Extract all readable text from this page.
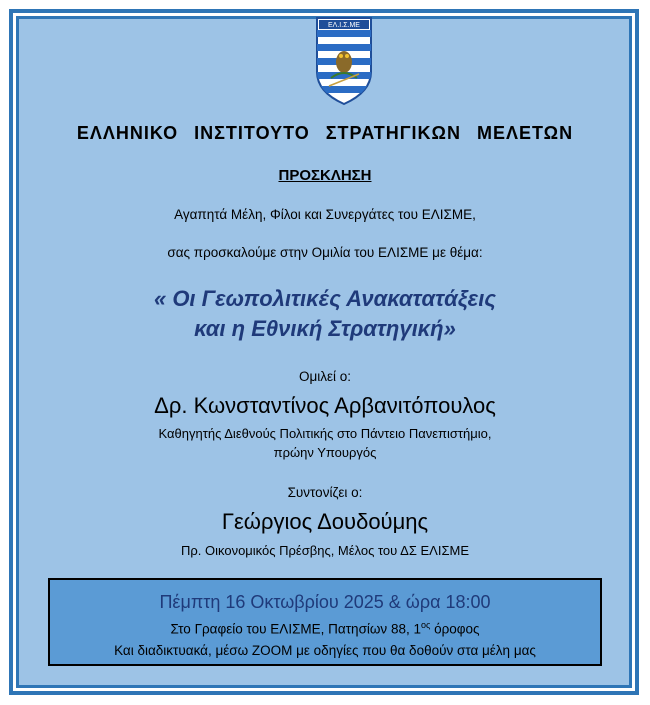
ΕΛ.Ι.Σ.ΜΕ
ΕΛΛΗΝΙΚΟ ΙΝΣΤΙΤΟΥΤΟ ΣΤΡΑΤΗΓΙΚΩΝ ΜΕΛΕΤΩΝ
ΠΡΟΣΚΛΗΣΗ
Αγαπητά Μέλη, Φίλοι και Συνεργάτες του ΕΛΙΣΜΕ,
σας προσκαλούμε στην Ομιλία του ΕΛΙΣΜΕ με θέμα:
« Οι Γεωπολιτικές Ανακατατάξεις
και η Εθνική Στρατηγική»
Ομιλεί ο:
Δρ. Κωνσταντίνος Αρβανιτόπουλος
Καθηγητής Διεθνούς Πολιτικής στο Πάντειο Πανεπιστήμιο,
πρώην Υπουργός
Συντονίζει ο:
Γεώργιος Δουδούμης
Πρ. Οικονομικός Πρέσβης, Μέλος του ΔΣ ΕΛΙΣΜΕ
Πέμπτη 16 Οκτωβρίου 2025 & ώρα 18:00
Στο Γραφείο του ΕΛΙΣΜΕ, Πατησίων 88, $1^{o\varsigma}$ όροφος
Και διαδικτυακά, μέσω ZOOM με οδηγίες που θα δοθούν στα μέλη μας
